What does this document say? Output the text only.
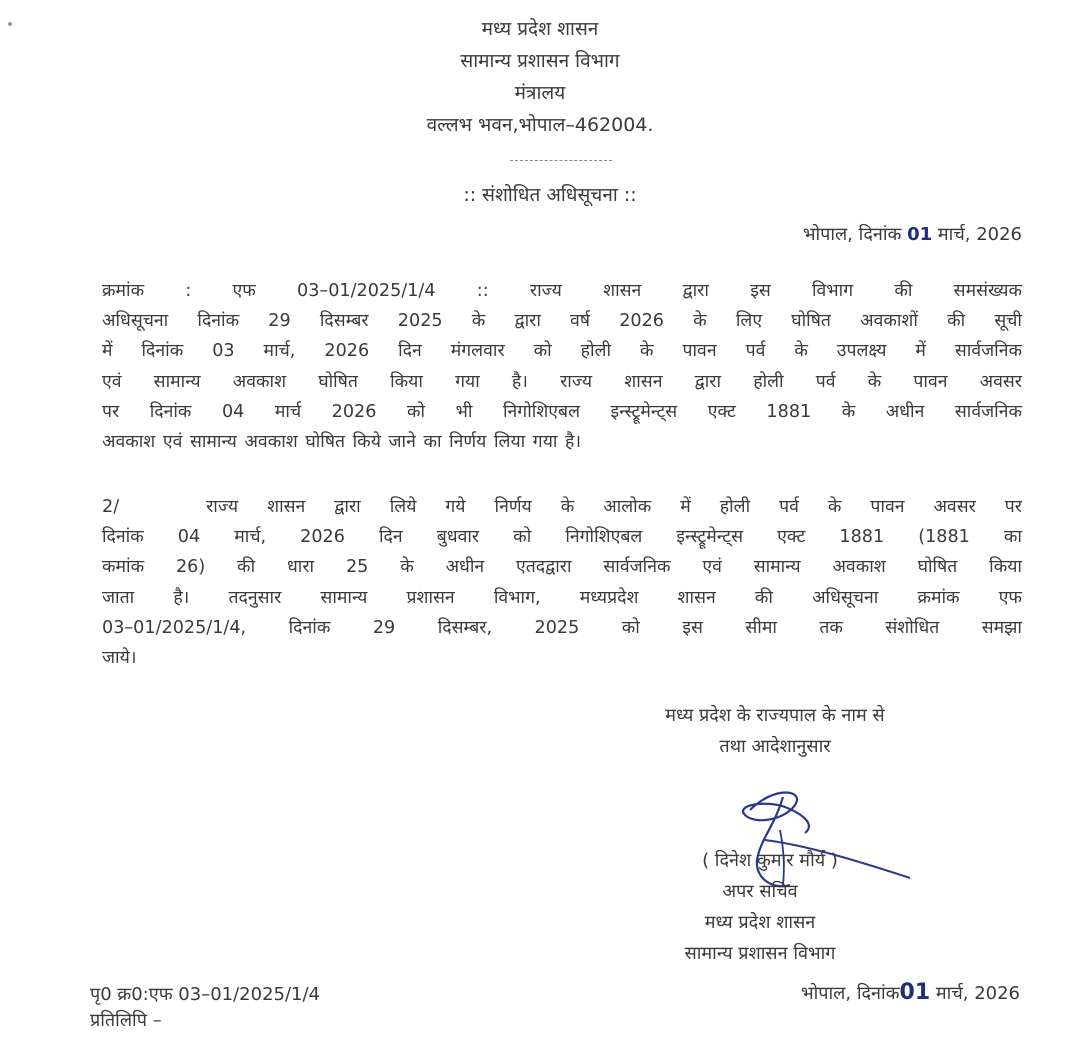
मध्य प्रदेश शासन
सामान्य प्रशासन विभाग
मंत्रालय
वल्लभ भवन,भोपाल–462004.
:: संशोधित अधिसूचना ::
भोपाल, दिनांक 01 मार्च, 2026
क्रमांक : एफ 03–01/2025/1/4 :: राज्य शासन द्वारा इस विभाग की समसंख्यक
अधिसूचना दिनांक 29 दिसम्बर 2025 के द्वारा वर्ष 2026 के लिए घोषित अवकाशों की सूची
में दिनांक 03 मार्च, 2026 दिन मंगलवार को होली के पावन पर्व के उपलक्ष्य में सार्वजनिक
एवं सामान्य अवकाश घोषित किया गया है। राज्य शासन द्वारा होली पर्व के पावन अवसर
पर दिनांक 04 मार्च 2026 को भी निगोशिएबल इन्स्ट्रूमेन्ट्स एक्ट 1881 के अधीन सार्वजनिक
अवकाश एवं सामान्य अवकाश घोषित किये जाने का निर्णय लिया गया है।
2/   राज्य शासन द्वारा लिये गये निर्णय के आलोक में होली पर्व के पावन अवसर पर
दिनांक 04 मार्च, 2026 दिन बुधवार को निगोशिएबल इन्स्ट्रूमेन्ट्स एक्ट 1881 (1881 का
कमांक 26) की धारा 25 के अधीन एतदद्वारा सार्वजनिक एवं सामान्य अवकाश घोषित किया
जाता है। तदनुसार सामान्य प्रशासन विभाग, मध्यप्रदेश शासन की अधिसूचना क्रमांक एफ
03–01/2025/1/4, दिनांक 29 दिसम्बर, 2025 को इस सीमा तक संशोधित समझा
जाये।
मध्य प्रदेश के राज्यपाल के नाम से
तथा आदेशानुसार
( दिनेश कुमार मौर्य )
अपर सचिव
मध्य प्रदेश शासन
सामान्य प्रशासन विभाग
पृ0 क्र0:एफ 03–01/2025/1/4
प्रतिलिपि –
भोपाल, दिनांक01 मार्च, 2026
